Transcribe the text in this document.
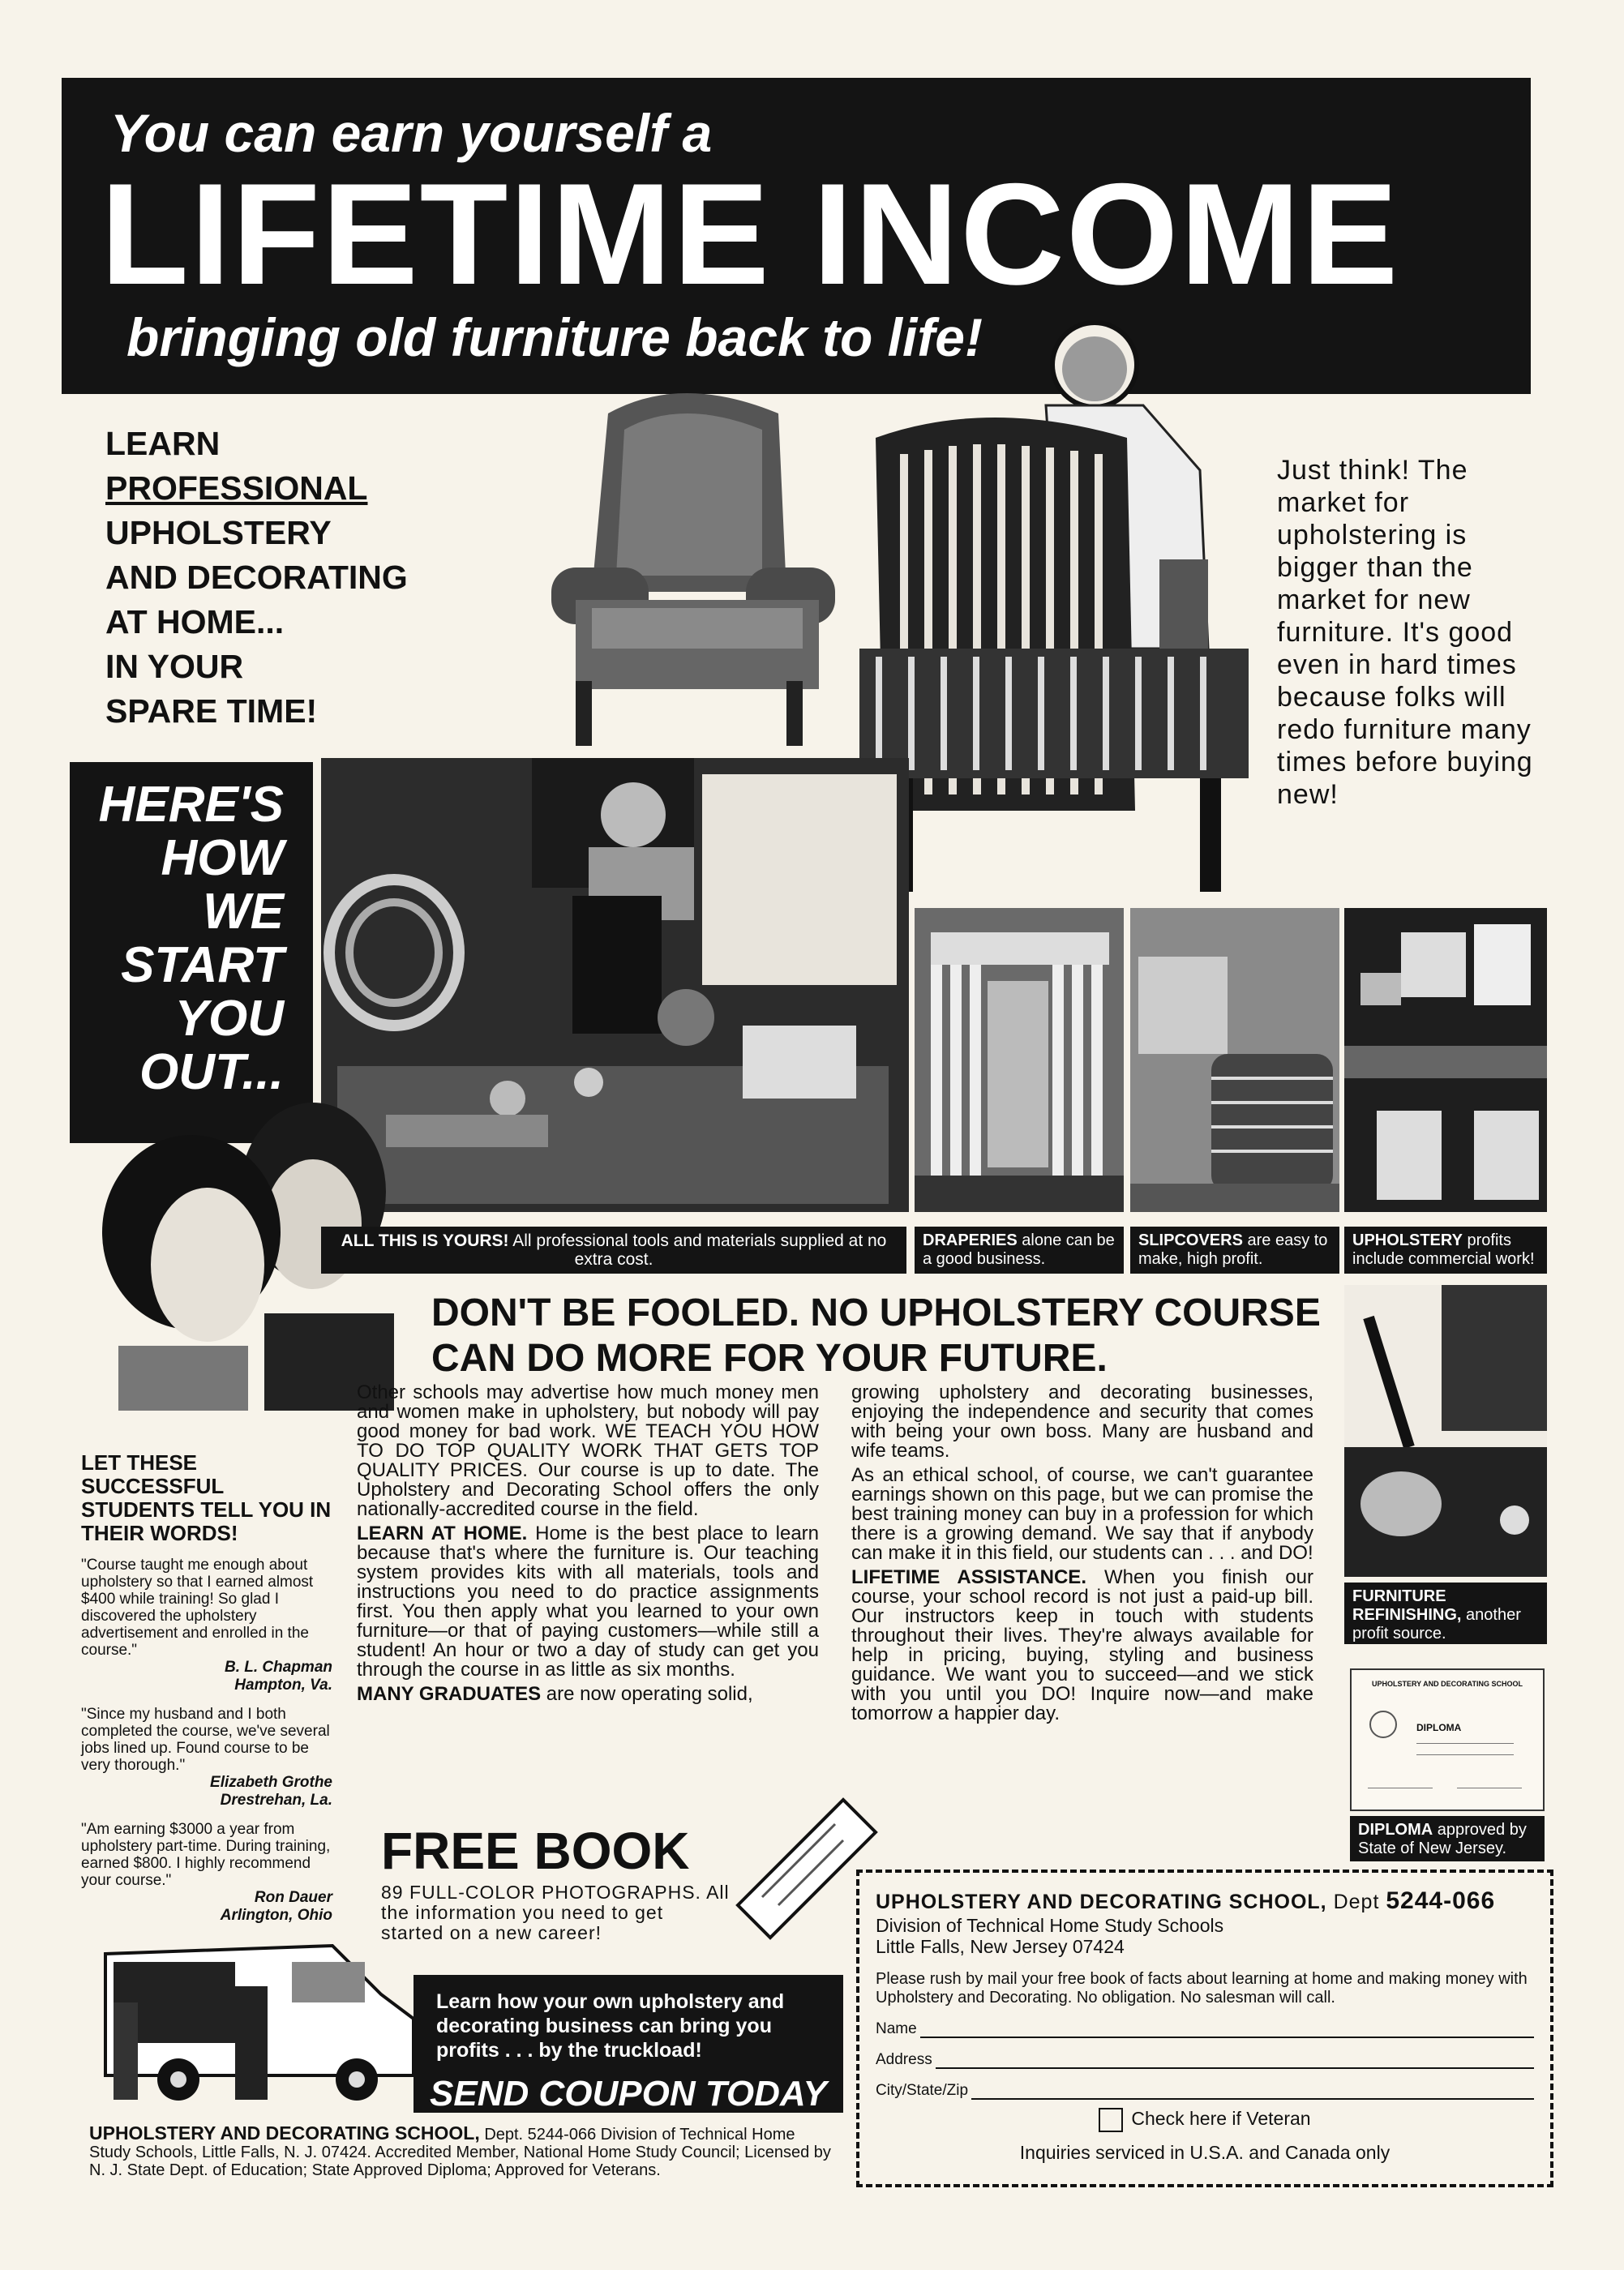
You can earn yourself a
LIFETIME INCOME
bringing old furniture back to life!
LEARN
PROFESSIONAL
UPHOLSTERY
AND DECORATING
AT HOME...
IN YOUR
SPARE TIME!
Just think! The market for upholstering is bigger than the market for new furniture. It's good even in hard times because folks will redo furniture many times before buying new!
HERE'S
HOW
WE
START
YOU
OUT...
ALL THIS IS YOURS! All professional tools and materials supplied at no extra cost.
DRAPERIES alone can be a good business.
SLIPCOVERS are easy to make, high profit.
UPHOLSTERY profits include commercial work!
DON'T BE FOOLED. NO UPHOLSTERY COURSE CAN DO MORE FOR YOUR FUTURE.
FURNITURE REFINISHING, another profit source.
UPHOLSTERY AND DECORATING SCHOOL
DIPLOMA
DIPLOMA approved by State of New Jersey.
LET THESE SUCCESSFUL STUDENTS TELL YOU IN THEIR WORDS!
"Course taught me enough about upholstery so that I earned almost $400 while training! So glad I discovered the upholstery advertisement and enrolled in the course."
B. L. Chapman
Hampton, Va.
"Since my husband and I both completed the course, we've several jobs lined up. Found course to be very thorough."
Elizabeth Grothe
Drestrehan, La.
"Am earning $3000 a year from upholstery part-time. During training, earned $800. I highly recommend your course."
Ron Dauer
Arlington, Ohio

Other schools may advertise how much money men and women make in upholstery, but nobody will pay good money for bad work. WE TEACH YOU HOW TO DO TOP QUALITY WORK THAT GETS TOP QUALITY PRICES. Our course is up to date. The Upholstery and Decorating School offers the only nationally-accredited course in the field.

LEARN AT HOME. Home is the best place to learn because that's where the furniture is. Our teaching system provides kits with all materials, tools and instructions you need to do practice assignments first. You then apply what you learned to your own furniture—or that of paying customers—while still a student! An hour or two a day of study can get you through the course in as little as six months.

MANY GRADUATES are now operating solid,

growing upholstery and decorating businesses, enjoying the independence and security that comes with being your own boss. Many are husband and wife teams.

As an ethical school, of course, we can't guarantee earnings shown on this page, but we can promise the best training money can buy in a profession for which there is a growing demand. We say that if anybody can make it in this field, our students can . . . and DO!

LIFETIME ASSISTANCE. When you finish our course, your school record is not just a paid-up bill. Our instructors keep in touch with students throughout their lives. They're always available for help in pricing, buying, styling and business guidance. We want you to succeed—and we stick with you until you DO! Inquire now—and make tomorrow a happier day.

FREE BOOK
89 FULL-COLOR PHOTOGRAPHS. All the information you need to get started on a new career!
Learn how your own upholstery and decorating business can bring you profits . . . by the truckload!
SEND COUPON TODAY
UPHOLSTERY AND DECORATING SCHOOL, Dept. 5244-066 Division of Technical Home Study Schools, Little Falls, N. J. 07424. Accredited Member, National Home Study Council; Licensed by N. J. State Dept. of Education; State Approved Diploma; Approved for Veterans.
UPHOLSTERY AND DECORATING SCHOOL, Dept 5244-066
Division of Technical Home Study Schools
Little Falls, New Jersey 07424
Please rush by mail your free book of facts about learning at home and making money with Upholstery and Decorating. No obligation. No salesman will call.
Name
Address
City/State/Zip
Check here if Veteran
Inquiries serviced in U.S.A. and Canada only
